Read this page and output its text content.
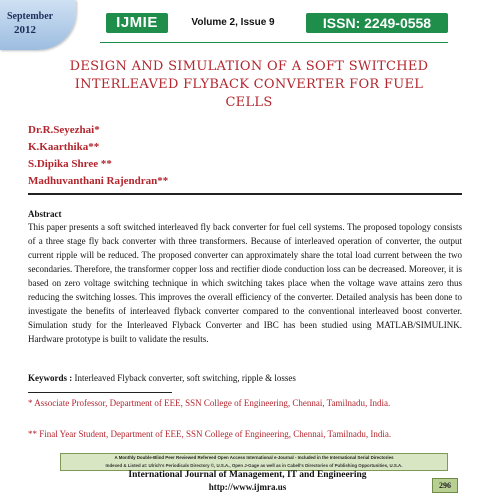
September
2012	IJMIE	Volume 2, Issue 9	ISSN: 2249-0558
DESIGN AND SIMULATION OF A SOFT SWITCHED INTERLEAVED FLYBACK CONVERTER FOR FUEL CELLS
Dr.R.Seyezhai*
K.Kaarthika**
S.Dipika Shree **
Madhuvanthani Rajendran**
Abstract

This paper presents a soft switched interleaved fly back converter for fuel cell systems. The proposed topology consists of a three stage fly back converter with three transformers. Because of interleaved operation of converter, the output current ripple will be reduced. The proposed converter can approximately share the total load current between the two secondaries. Therefore, the transformer copper loss and rectifier diode conduction loss can be decreased. Moreover, it is based on zero voltage switching technique in which switching takes place when the voltage wave attains zero thus reducing the switching losses. This improves the overall efficiency of the converter. Detailed analysis has been done to investigate the benefits of interleaved flyback converter compared to the conventional interleaved boost converter. Simulation study for the Interleaved Flyback Converter and IBC has been studied using MATLAB/SIMULINK. Hardware prototype is built to validate the results.

Keywords : Interleaved Flyback converter, soft switching, ripple & losses
* Associate Professor, Department of EEE, SSN College of Engineering, Chennai, Tamilnadu, India.
** Final Year Student, Department of EEE, SSN College of Engineering, Chennai, Tamilnadu, India.
A Monthly Double-Blind Peer Reviewed Refereed Open Access International e-Journal - Included in the International Serial Directories
Indexed & Listed at: Ulrich's Periodicals Directory ©, U.S.A., Open J-Gage as well as in Cabell's Directories of Publishing Opportunities, U.S.A.
International Journal of Management, IT and Engineering
http://www.ijmra.us	296
